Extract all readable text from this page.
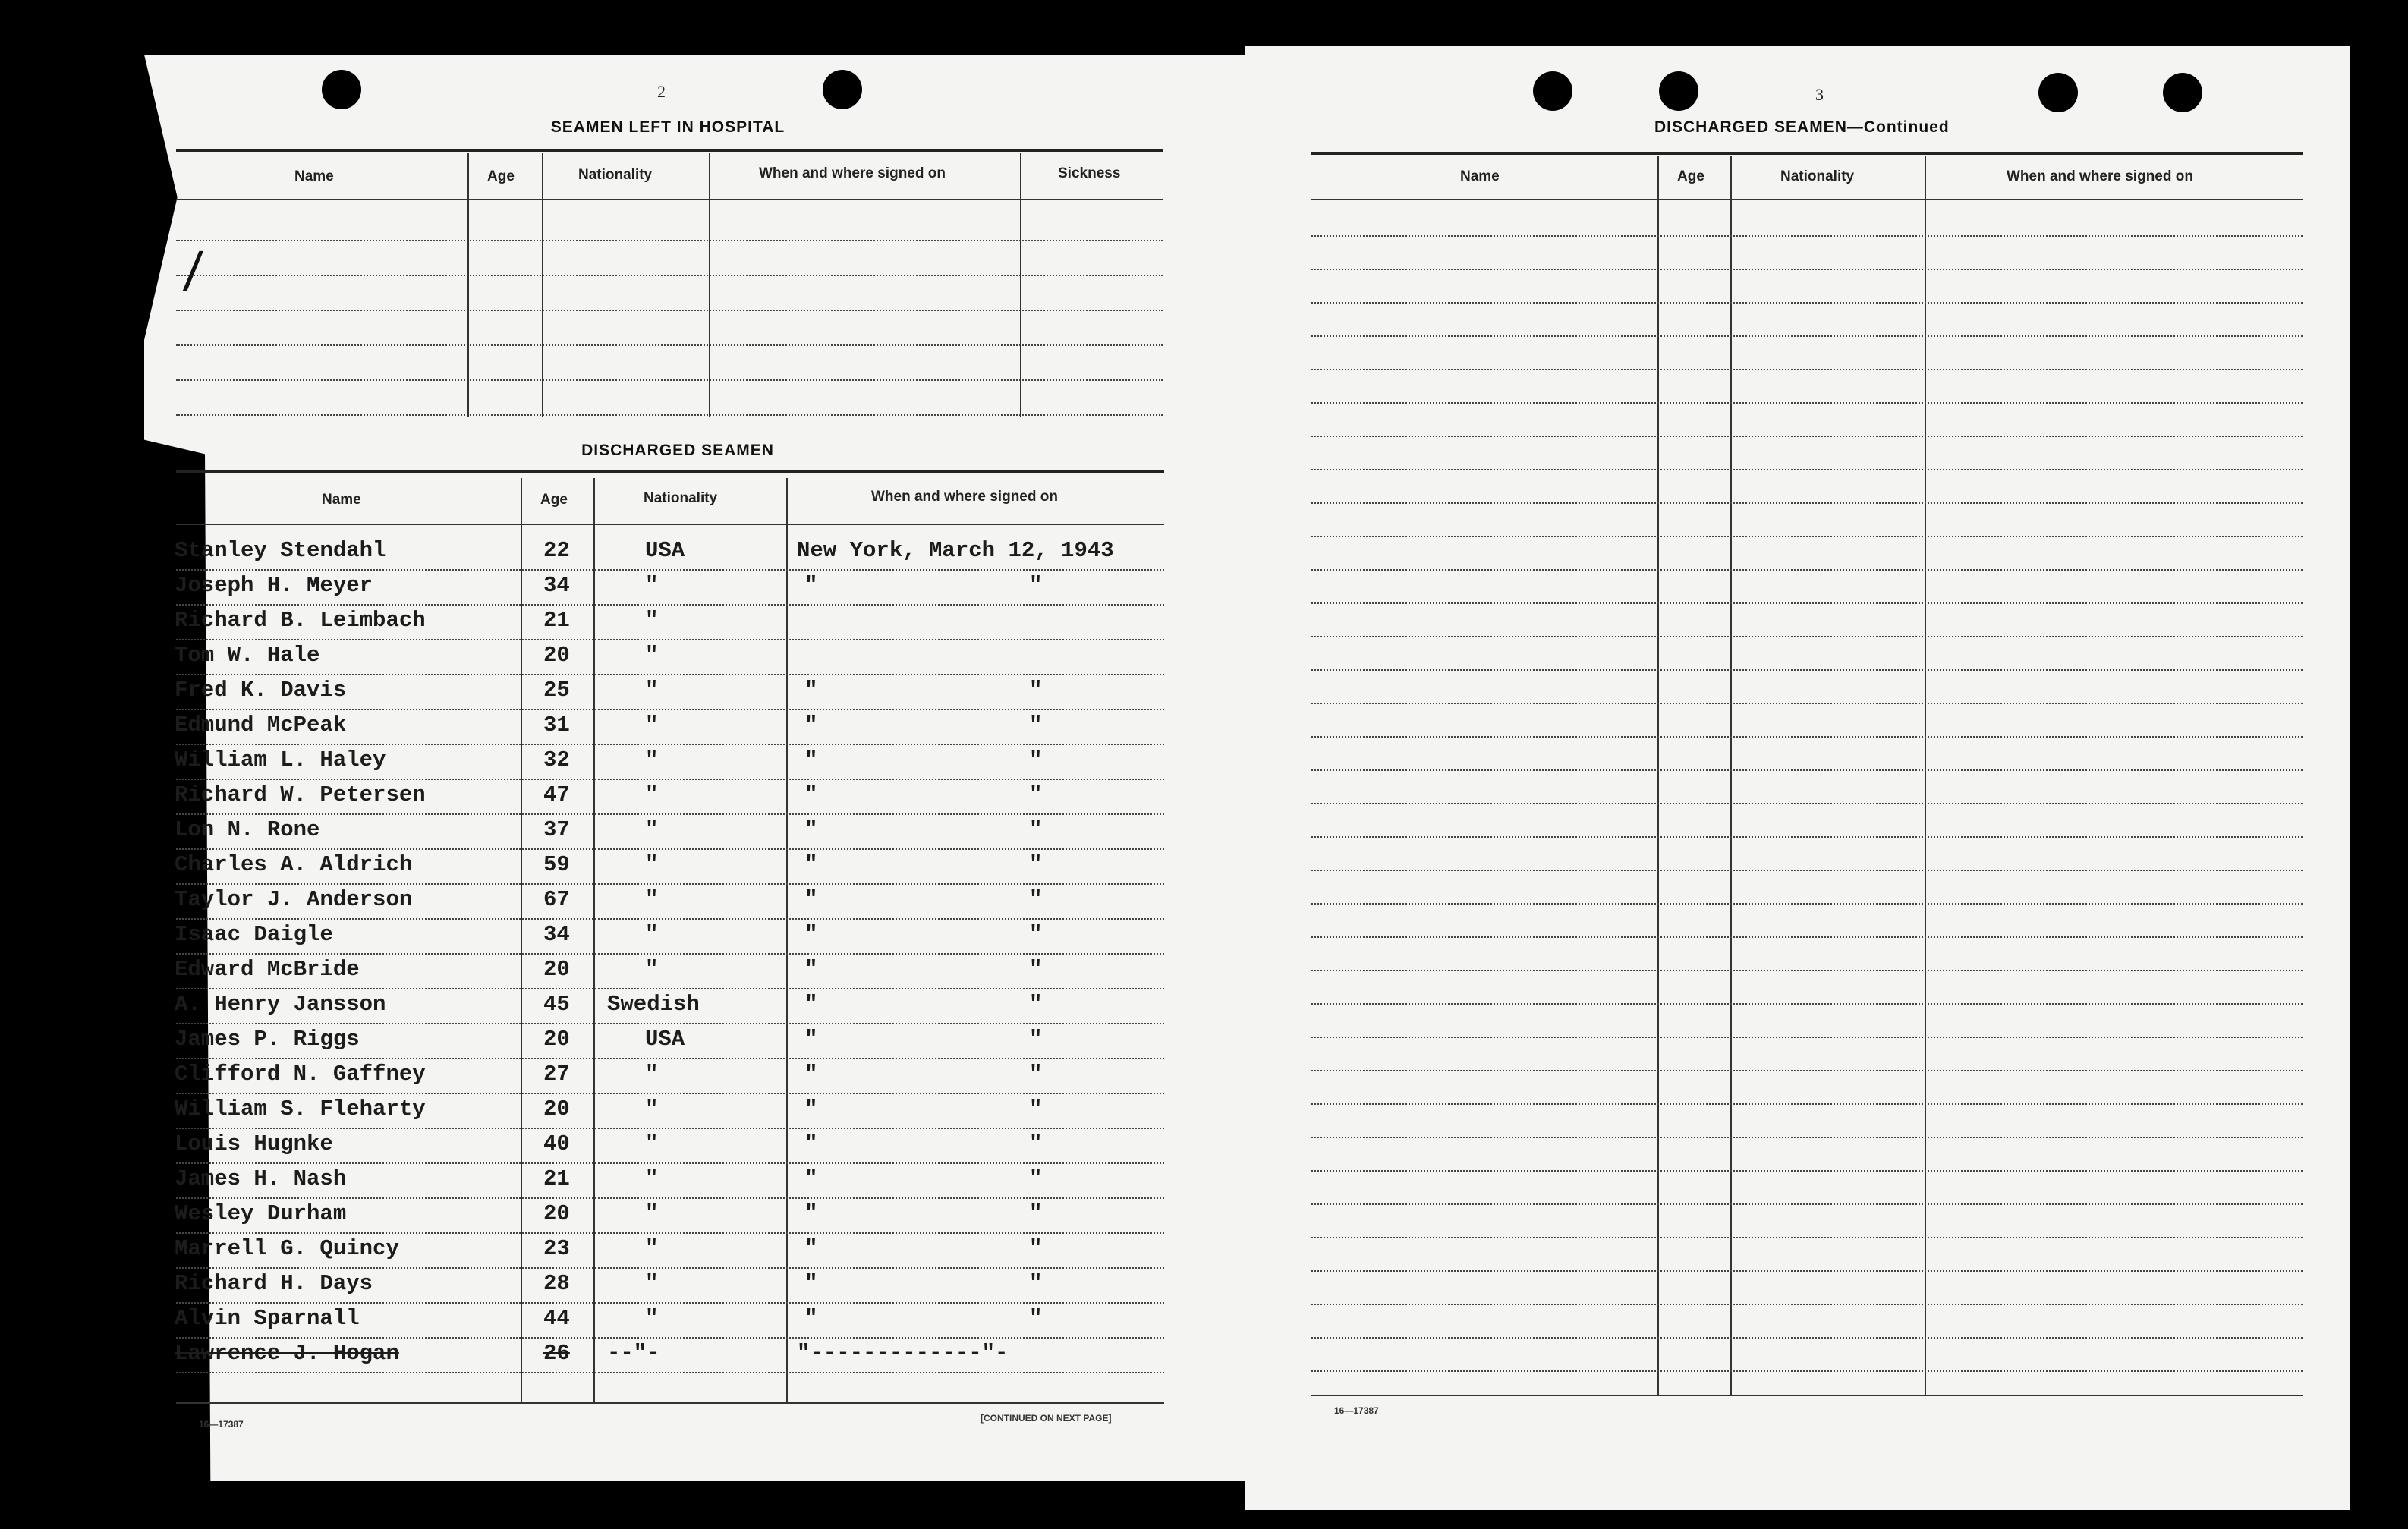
2
SEAMEN LEFT IN HOSPITAL
Name	Age	Nationality	When and where signed on	Sickness
/
DISCHARGED SEAMEN
Name	Age	Nationality	When and where signed on
Stanley Stendahl	22	USA	New York, March 12, 1943
Joseph H. Meyer	34	"	"	"
Richard B. Leimbach	21	"
Tom W. Hale	20	"
Fred K. Davis	25	"	"	"
Edmund McPeak	31	"	"	"
William L. Haley	32	"	"	"
Richard W. Petersen	47	"	"	"
Lon N. Rone	37	"	"	"
Charles A. Aldrich	59	"	"	"
Taylor J. Anderson	67	"	"	"
Isaac Daigle	34	"	"	"
Edward McBride	20	"	"	"
A. Henry Jansson	45 Swedish	"	"
James P. Riggs	20	USA	"	"
Clifford N. Gaffney	27	"	"	"
William S. Fleharty	20	"	"	"
Louis Hugnke	40	"	"	"
James H. Nash	21	"	"	"
Wesley Durham	20	"	"	"
Marrell G. Quincy	23	"	"	"
Richard H. Days	28	"	"	"
Alvin Sparnall	44	"	"	"
Lawrence J. Hogan	26 --"-	"-------------"-
16—17387
[CONTINUED ON NEXT PAGE]
3
DISCHARGED SEAMEN—Continued
Name	Age	Nationality	When and where signed on
16—17387
